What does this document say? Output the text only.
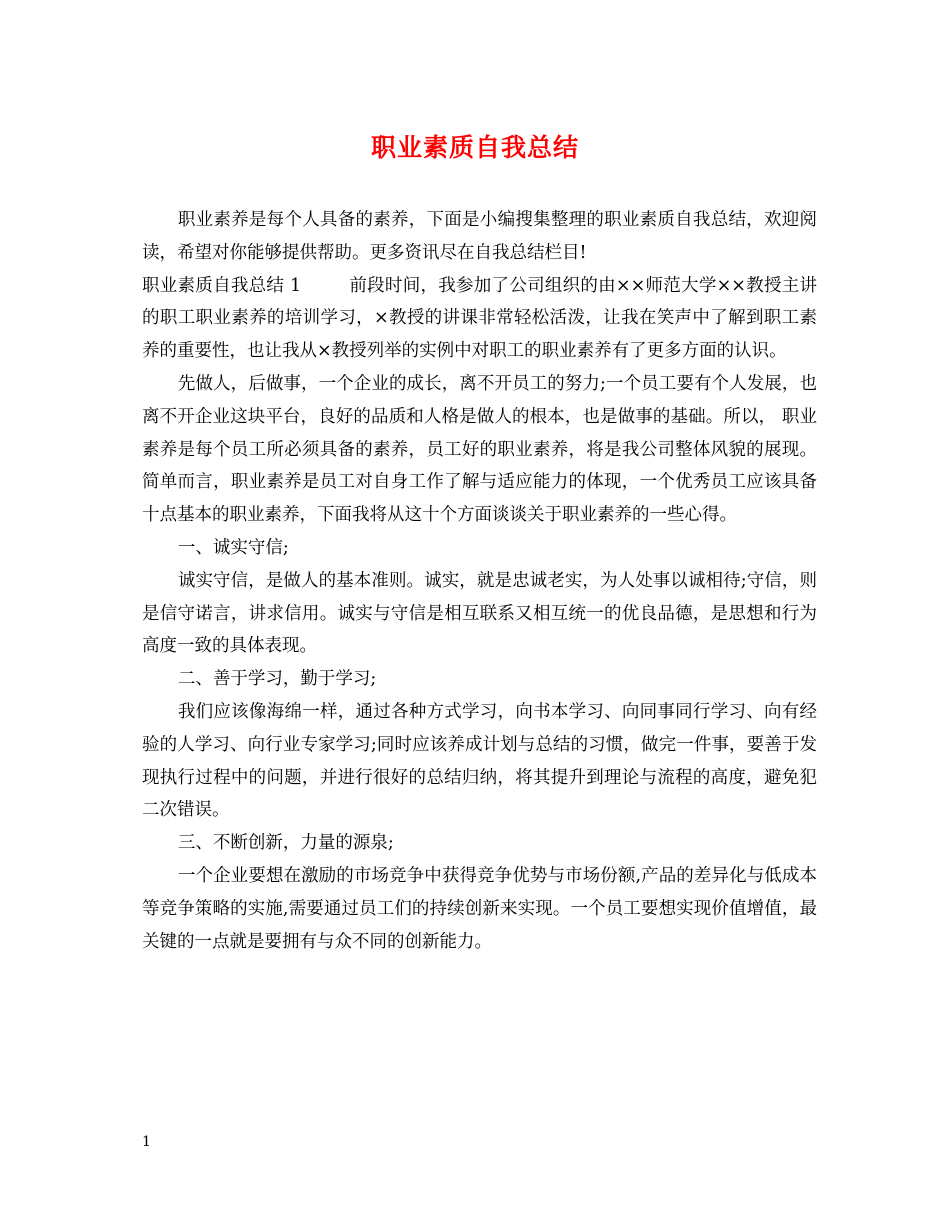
职业素质自我总结

职业素养是每个人具备的素养，下面是小编搜集整理的职业素质自我总结，欢迎阅读，希望对你能够提供帮助。更多资讯尽在自我总结栏目!

职业素质自我总结 1	前段时间，我参加了公司组织的由××师范大学××教授主讲的职工职业素养的培训学习，×教授的讲课非常轻松活泼，让我在笑声中了解到职工素养的重要性，也让我从×教授列举的实例中对职工的职业素养有了更多方面的认识。

先做人，后做事，一个企业的成长，离不开员工的努力;一个员工要有个人发展，也离不开企业这块平台，良好的品质和人格是做人的根本，也是做事的基础。所以， 职业素养是每个员工所必须具备的素养，员工好的职业素养，将是我公司整体风貌的展现。简单而言，职业素养是员工对自身工作了解与适应能力的体现，一个优秀员工应该具备十点基本的职业素养，下面我将从这十个方面谈谈关于职业素养的一些心得。

一、诚实守信;

诚实守信，是做人的基本准则。诚实，就是忠诚老实，为人处事以诚相待;守信，则是信守诺言，讲求信用。诚实与守信是相互联系又相互统一的优良品德，是思想和行为高度一致的具体表现。

二、善于学习，勤于学习;

我们应该像海绵一样，通过各种方式学习，向书本学习、向同事同行学习、向有经验的人学习、向行业专家学习;同时应该养成计划与总结的习惯，做完一件事，要善于发现执行过程中的问题，并进行很好的总结归纳，将其提升到理论与流程的高度，避免犯二次错误。

三、不断创新，力量的源泉;

一个企业要想在激励的市场竞争中获得竞争优势与市场份额,产品的差异化与低成本等竞争策略的实施,需要通过员工们的持续创新来实现。一个员工要想实现价值增值，最关键的一点就是要拥有与众不同的创新能力。

1
